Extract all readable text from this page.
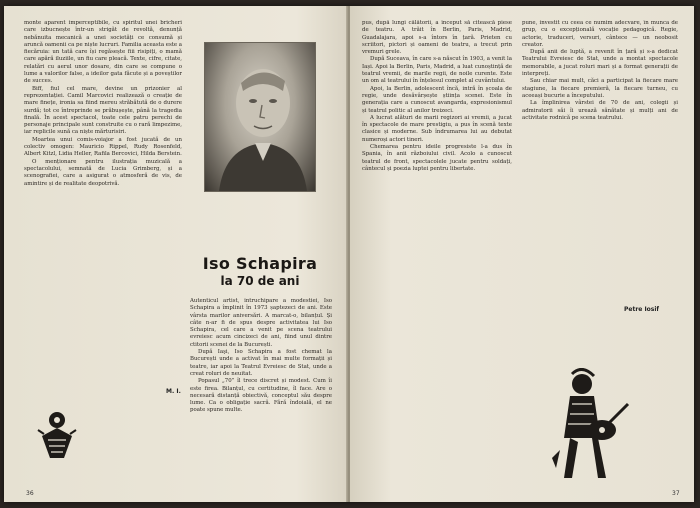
monte aparent imperceptibile, cu spiritul unei bricheri care izbucnește într-un strigăt de revoltă, denunță nebănuita mecanică a unei societăți ce consumă și aruncă oamenii ca pe niște lucruri. Familia aceasta este a fiecăruia: un tată care își regăsește fiii risipiți, o mamă care apără iluziile, un fiu care pleacă. Texte, cifre, citate, relatări cu aerul unor dosare, din care se compune o lume a valorilor false, a ideilor gata făcute și a poveștilor de succes.

Biff, fiul cel mare, devine un prizonier al reprezentației. Camil Marcovici realizează o creație de mare finețe, ironia sa fiind mereu străbătută de o durere surdă; tot ce întreprinde se prăbușește, până la tragedia finală. În acest spectacol, toate cele patru perechi de personaje principale sunt construite cu o rară limpezime, iar replicile sună ca niște mărturisiri.

Moartea unui comis-voiajor a fost jucată de un colectiv omogen: Mauricio Rippel, Rudy Rosenfeld, Albert Kitzl, Lidia Heller, Rafila Bercovici, Hilda Berstein.

O menționare pentru ilustrația muzicală a spectacolului, semnată de Lucia Grimberg, și a scenografiei, care a asigurat o atmosferă de vis, de amintire și de realitate deopotrivă.

M. I.
Iso Schapira
la 70 de ani

Autenticul artist, întruchipare a modestiei, Iso Schapira a împlinit în 1973 șaptezeci de ani. Este vârsta marilor aniversări. A marcat-o, bilanțul. Și câte n-ar fi de spus despre activitatea lui Iso Schapira, cel care a venit pe scena teatrului evreiesc acum cincizeci de ani, fiind unul dintre ctitorii scenei de la București.

După Iaşi, Iso Schapira a fost chemat la București unde a activat în mai multe formații și teatre, iar apoi la Teatrul Evreiesc de Stat, unde a creat roluri de neuitat.

Popasul „70” îl trece discret și modest. Cum îi este firea. Bilanțul, cu certitudine, îl face. Are o necesară distanță obiectivă, conceptul său despre lume. Ca o obligație sacră. Fără îndoială, el ne poate spune multe.

36

pus, după lungi călătorii, a început să citească piese de teatru. A trăit în Berlin, Paris, Madrid, Guadalajara, apoi s-a întors în țară. Prieten cu scriitori, pictori și oameni de teatru, a trecut prin vremuri grele.

După Suceava, în care s-a născut în 1903, a venit la Iași. Apoi la Berlin, Paris, Madrid, a luat cunoștință de teatrul vremii, de marile regii, de noile curente. Este un om al teatrului în înțelesul complet al cuvântului.

Apoi, la Berlin, adolescent încă, intră în școala de regie, unde desăvârșește știința scenei. Este în generația care a cunoscut avangarda, expresionismul și teatrul politic al anilor treizeci.

A lucrat alături de marii regizori ai vremii, a jucat în spectacole de mare prestigiu, a pus în scenă texte clasice și moderne. Sub îndrumarea lui au debutat numeroși actori tineri.

Chemarea pentru ideile progresiste l-a dus în Spania, în anii războiului civil. Acolo a cunoscut teatrul de front, spectacolele jucate pentru soldați, cântecul și poezia luptei pentru libertate.

pune, investit cu ceea ce numim adecvare, în munca de grup, cu o excepțională vocație pedagogică. Regie, actorie, traduceri, versuri, cântece — un neobosit creator.

După anii de luptă, a revenit în țară și s-a dedicat Teatrului Evreiesc de Stat, unde a montat spectacole memorabile, a jucat roluri mari și a format generații de interpreți.

Sau chiar mai mult, căci a participat la fiecare mare stagiune, la fiecare premieră, la fiecare turneu, cu aceeași bucurie a începutului.

La împlinirea vârstei de 70 de ani, colegii și admiratorii săi îi urează sănătate și mulți ani de activitate rodnică pe scena teatrului.

Petre Iosif
37
